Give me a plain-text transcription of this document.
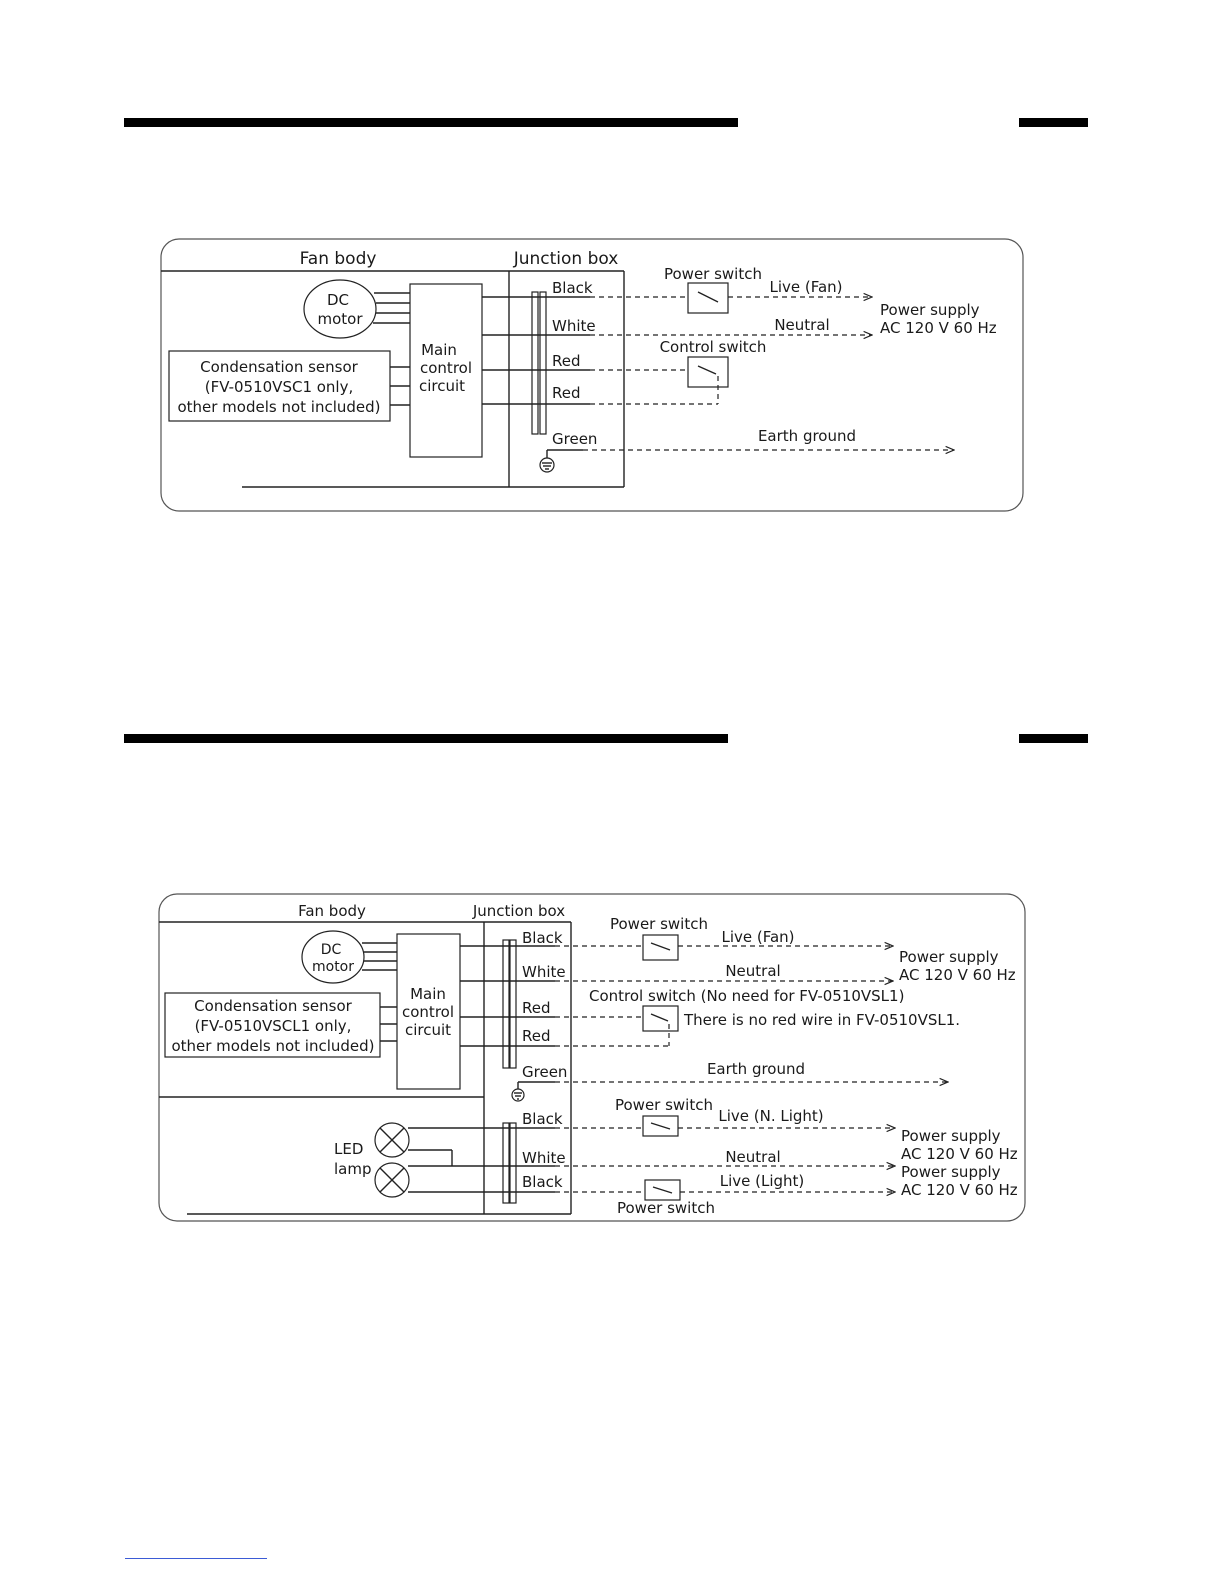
Fan body	Junction box
DC
motor
Main
control
circuit
Condensation sensor
(FV-0510VSC1 only,
other models not included)
Black
White
Red
Red
Green
Power switch
Live (Fan)
Neutral
Power supply
AC 120 V 60 Hz
Control switch
Earth ground
Fan body	Junction box
DC
motor
Main
control
circuit
Condensation sensor
(FV-0510VSCL1 only,
other models not included)
Black
White
Red
Red
Green
Power switch
Live (Fan)
Neutral
Power supply
AC 120 V 60 Hz
Control switch (No need for FV-0510VSL1)
There is no red wire in FV-0510VSL1.
Earth ground
LED
lamp
Black
White
Black
Power switch
Live (N. Light)
Neutral
Power supply
AC 120 V 60 Hz
Live (Light)
Power switch
Power supply
AC 120 V 60 Hz
